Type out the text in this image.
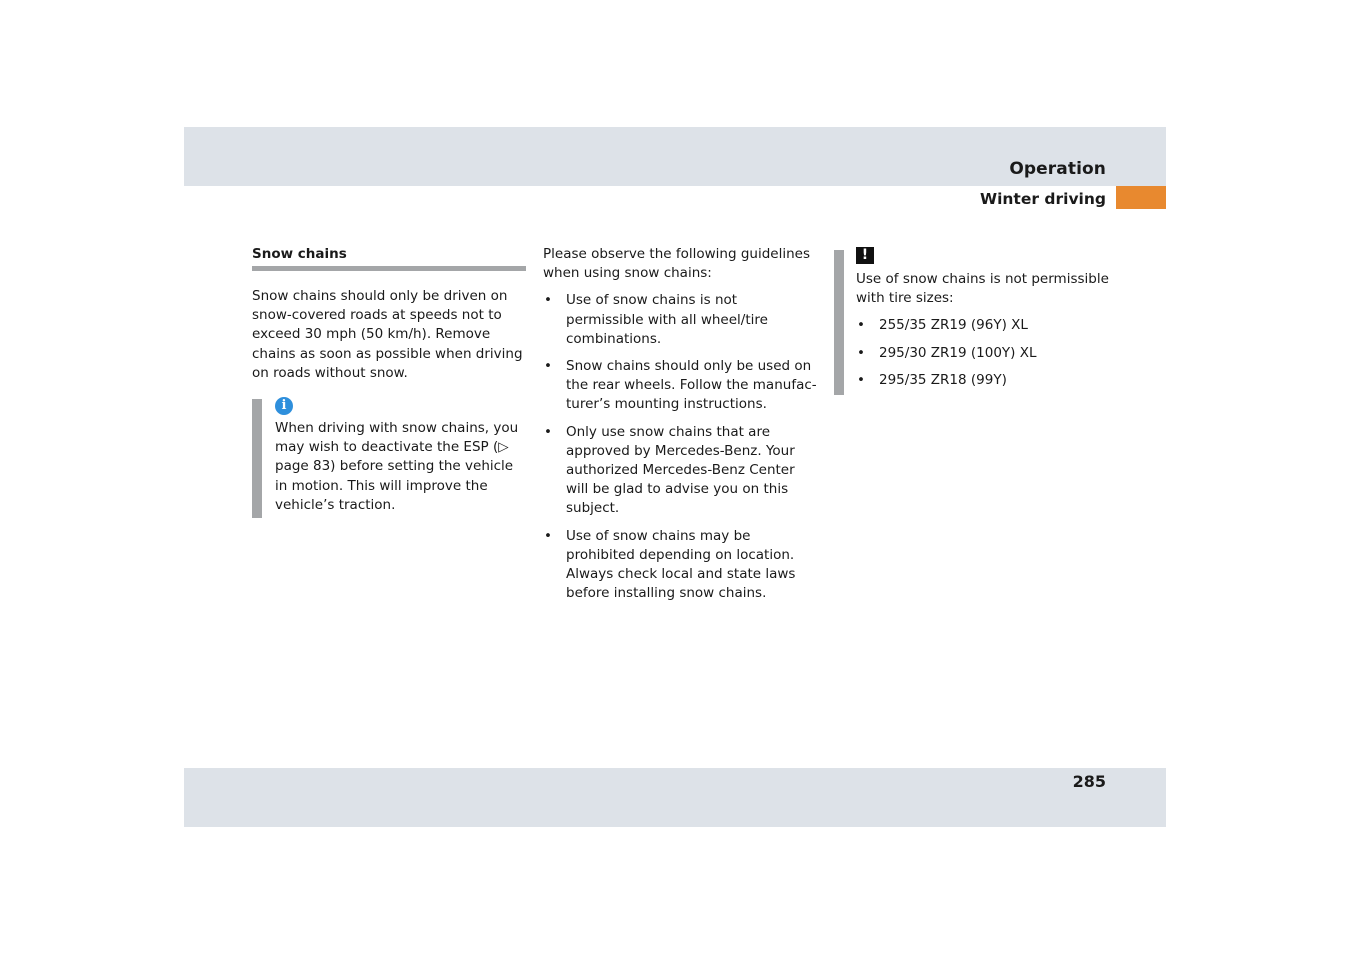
Operation
Winter driving
Snow chains

Snow chains should only be driven on snow-covered roads at speeds not to exceed 30 mph (50 km/h). Remove chains as soon as possible when driving on roads without snow.

i
When driving with snow chains, you may wish to deactivate the ESP (▷ page 83) before setting the vehicle in motion. This will improve the vehicle’s traction.

Please observe the following guidelines when using snow chains:

• Use of snow chains is not permissible with all wheel/tire combinations.
• Snow chains should only be used on the rear wheels. Follow the manufac-turer’s mounting instructions.
• Only use snow chains that are approved by Mercedes-Benz. Your authorized Mercedes-Benz Center will be glad to advise you on this subject.
• Use of snow chains may be prohibited depending on location. Always check local and state laws before installing snow chains.
!

Use of snow chains is not permissible with tire sizes:

• 255/35 ZR19 (96Y) XL
• 295/30 ZR19 (100Y) XL
• 295/35 ZR18 (99Y)
285
